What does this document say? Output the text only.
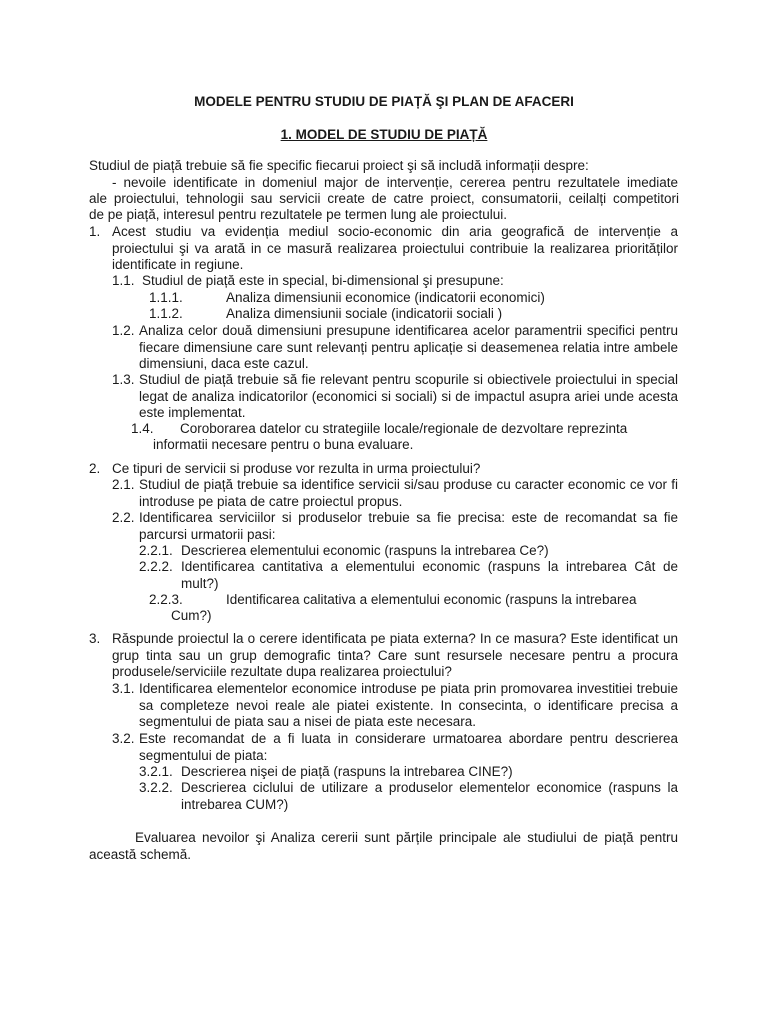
MODELE PENTRU STUDIU DE PIAȚĂ ŞI PLAN DE AFACERI
1. MODEL DE STUDIU DE PIAȚĂ
Studiul de piață trebuie să fie specific fiecarui proiect şi să includă informații despre:
- nevoile identificate in domeniul major de intervenție, cererea pentru rezultatele imediate
ale proiectului, tehnologii sau servicii create de catre proiect, consumatorii, ceilalți competitori
de pe piață, interesul pentru rezultatele pe termen lung ale proiectului.
1. Acest studiu va evidenția mediul socio-economic din aria geografică de intervenție a proiectului şi va arată in ce masură realizarea proiectului contribuie la realizarea priorităților identificate in regiune.
1.1. Studiul de piață este in special, bi-dimensional şi presupune:
1.1.1.	Analiza dimensiunii economice (indicatorii economici)
1.1.2.	Analiza dimensiunii sociale (indicatorii sociali )
1.2. Analiza celor două dimensiuni presupune identificarea acelor paramentrii specifici pentru fiecare dimensiune care sunt relevanți pentru aplicație si deasemenea relatia intre ambele dimensiuni, daca este cazul.
1.3. Studiul de piață trebuie să fie relevant pentru scopurile si obiectivele proiectului in special legat de analiza indicatorilor (economici si sociali) si de impactul asupra ariei unde acesta este implementat.
1.4. Coroborarea datelor cu strategiile locale/regionale de dezvoltare reprezinta
informatii necesare pentru o buna evaluare.
2. Ce tipuri de servicii si produse vor rezulta in urma proiectului?
2.1. Studiul de piață trebuie sa identifice servicii si/sau produse cu caracter economic ce vor fi introduse pe piata de catre proiectul propus.
2.2. Identificarea serviciilor si produselor trebuie sa fie precisa: este de recomandat sa fie parcursi urmatorii pasi:
2.2.1. Descrierea elementului economic (raspuns la intrebarea Ce?)
2.2.2. Identificarea cantitativa a elementului economic (raspuns la intrebarea Cât de mult?)
2.2.3.	Identificarea calitativa a elementului economic (raspuns la intrebarea
Cum?)
3. Răspunde proiectul la o cerere identificata pe piata externa? In ce masura? Este identificat un grup tinta sau un grup demografic tinta? Care sunt resursele necesare pentru a procura produsele/serviciile rezultate dupa realizarea proiectului?
3.1. Identificarea elementelor economice introduse pe piata prin promovarea investitiei trebuie sa completeze nevoi reale ale piatei existente. In consecinta, o identificare precisa a segmentului de piata sau a nisei de piata este necesara.
3.2. Este recomandat de a fi luata in considerare urmatoarea abordare pentru descrierea segmentului de piata:
3.2.1. Descrierea nişei de piață (raspuns la intrebarea CINE?)
3.2.2. Descrierea ciclului de utilizare a produselor elementelor economice (raspuns la intrebarea CUM?)
Evaluarea nevoilor şi Analiza cererii sunt părțile principale ale studiului de piață pentru
această schemă.
